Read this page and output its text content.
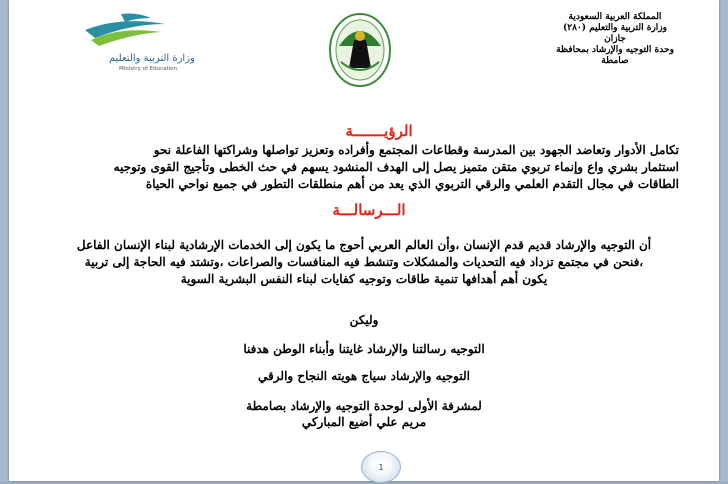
وزارة التربية والتعليم
Ministry of Education
المملكة العربية السعودية
وزارة التربية والتعليم (٢٨٠)
جازان
وحدة التوجيه والإرشاد بمحافظة
صامطة
الرؤيـــــــة
تكامل الأدوار وتعاضد الجهود بين المدرسة وقطاعات المجتمع وأفراده وتعزيز تواصلها وشراكتها الفاعلة نحو
استثمار بشري واع وإنماء تربوي متقن متميز يصل إلى الهدف المنشود يسهم في حث الخطى وتأجيج القوى وتوجيه
الطاقات في مجال التقدم العلمي والرقي التربوي الذي يعد من أهم منطلقات التطور في جميع نواحي الحياة
الـــرسالـــة
أن التوجيه والإرشاد قديم قدم الإنسان ،وأن العالم العربي أحوج ما يكون إلى الخدمات الإرشادية لبناء الإنسان الفاعل
،فنحن في مجتمع تزداد فيه التحديات والمشكلات وتنشط فيه المنافسات والصراعات ،وتشتد فيه الحاجة إلى تربية
يكون أهم أهدافها تنمية طاقات وتوجيه كفايات لبناء النفس البشرية السوية
وليكن
التوجيه رسالتنا والإرشاد غايتنا وأبناء الوطن هدفنا
التوجيه والإرشاد سياج هويته النجاح والرقي
لمشرفة الأولى لوحدة التوجيه والإرشاد بصامطة
مريم علي أضيع المباركي
1
